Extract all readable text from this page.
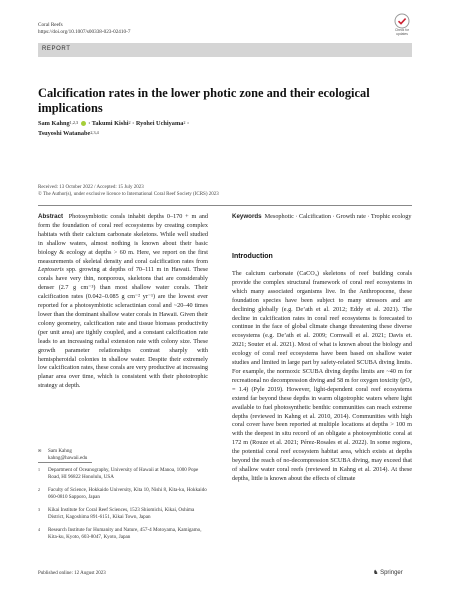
Coral Reefs
https://doi.org/10.1007/s00338-023-02410-7	Check for updates
REPORT
Calcification rates in the lower photic zone and their ecological implications
Sam Kahng$^{1,2,3}$  · Takumi Kishi$^2$ · Ryohei Uchiyama$^2$ ·
Tsuyoshi Watanabe$^{2,3,4}$
Received: 13 October 2022 / Accepted: 15 July 2023
© The Author(s), under exclusive licence to International Coral Reef Society (ICRS) 2023
Abstract Photosymbiotic corals inhabit depths 0–170 + m and form the foundation of coral reef ecosystems by creating complex habitats with their calcium carbonate skeletons. While well studied in shallow waters, almost nothing is known about their basic biology & ecology at depths > 60 m. Here, we report on the first measurements of skeletal density and coral calcification rates from Leptoseris spp. growing at depths of 70–111 m in Hawaii. These corals have very thin, nonporous, skeletons that are considerably denser (2.7 g cm⁻³) than most shallow water corals. Their calcification rates (0.042–0.085 g cm⁻² yr⁻¹) are the lowest ever reported for a photosymbiotic scleractinian coral and ~20–40 times lower than the dominant shallow water corals in Hawaii. Given their colony geometry, calcification rate and tissue biomass productivity (per unit area) are tightly coupled, and a constant calcification rate leads to an increasing radial extension rate with colony size. These growth parameter relationships contrast sharply with hemispheroidal colonies in shallow water. Despite their extremely low calcification rates, these corals are very productive at increasing planar area over time, which is consistent with their phototrophic strategy at depth.
Keywords Mesophotic · Calcification · Growth rate · Trophic ecology
Introduction
The calcium carbonate (CaCO₃) skeletons of reef building corals provide the complex structural framework of coral reef ecosystems in which many associated organisms live. In the Anthropocene, these foundation species have been subject to many stressors and are declining globally (e.g. De’ath et al. 2012; Eddy et al. 2021). The decline in calcification rates in coral reef ecosystems is forecasted to continue in the face of global climate change threatening these diverse ecosystems (e.g. De’ath et al. 2009; Cornwall et al. 2021; Davis et. 2021; Souter et al. 2021). Most of what is known about the biology and ecology of coral reef ecosystems have been based on shallow water studies and limited in large part by safety-related SCUBA diving limits. For example, the normoxic SCUBA diving depths limits are ~40 m for recreational no decompression diving and 58 m for oxygen toxicity (pO₂ = 1.4) (Pyle 2019). However, light-dependent coral reef ecosystems extend far beyond these depths in warm oligotrophic waters where light available to fuel photosynthetic benthic communities can reach extreme depths (reviewed in Kahng et al. 2010, 2014). Communities with high coral cover have been reported at multiple locations at depths > 100 m with the deepest in situ record of an obligate a photosymbiotic coral at 172 m (Rouze et al. 2021; Pérez-Rosales et al. 2022). In some regions, the potential coral reef ecosystem habitat area, which exists at depths beyond the reach of no-decompression SCUBA diving, may exceed that of shallow water coral reefs (reviewed in Kahng et al. 2014). At these depths, little is known about the effects of climate
✉ Sam Kahng
kahng@hawaii.edu
1 Department of Oceanography, University of Hawaii at Manoa, 1000 Pope Road, HI 96822 Honolulu, USA
2 Faculty of Science, Hokkaido University, Kita 10, Nishi 8, Kita-ku, Hokkaido 060-0810 Sapporo, Japan
3 Kikai Institute for Coral Reef Sciences, 1523 Shiomichi, Kikai, Oshima District, Kagoshima 891-6151, Kikai Town, Japan
4 Research Institute for Humanity and Nature, 457-4 Motoyama, Kamigamo, Kita-ku, Kyoto, 603-8047, Kyoto, Japan
Published online: 12 August 2023	♞ Springer
